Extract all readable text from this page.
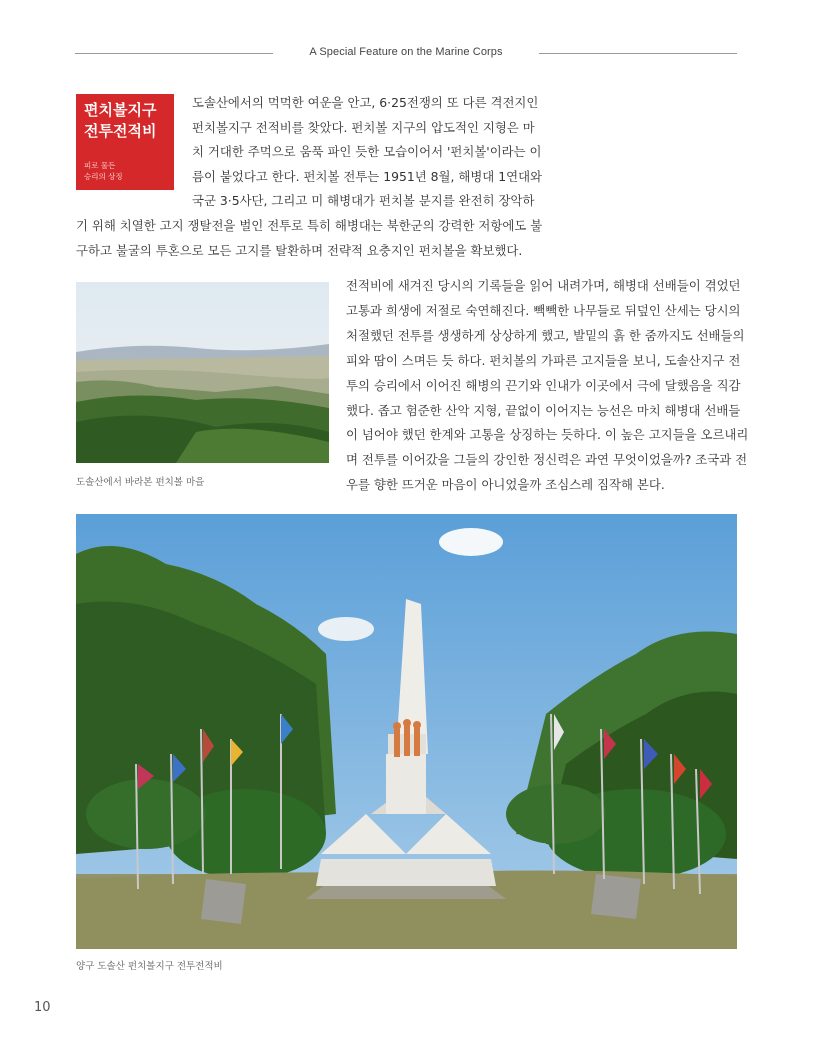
A Special Feature on the Marine Corps
편치볼지구
전투전적비
피로 물든
승리의 상징
도솔산에서의 먹먹한 여운을 안고, 6·25전쟁의 또 다른 격전지인
펀치볼지구 전적비를 찾았다. 펀치볼 지구의 압도적인 지형은 마
치 거대한 주먹으로 움푹 파인 듯한 모습이어서 '펀치볼'이라는 이
름이 붙었다고 한다. 펀치볼 전투는 1951년 8월, 해병대 1연대와
국군 3·5사단, 그리고 미 해병대가 펀치볼 분지를 완전히 장악하
기 위해 치열한 고지 쟁탈전을 벌인 전투로 특히 해병대는 북한군의 강력한 저항에도 불
구하고 불굴의 투혼으로 모든 고지를 탈환하며 전략적 요충지인 펀치볼을 확보했다.
도솔산에서 바라본 펀치볼 마을
전적비에 새겨진 당시의 기록들을 읽어 내려가며, 해병대 선배들이 겪었던
고통과 희생에 저절로 숙연해진다. 빽빽한 나무들로 뒤덮인 산세는 당시의
처절했던 전투를 생생하게 상상하게 했고, 발밑의 흙 한 줌까지도 선배들의
피와 땀이 스며든 듯 하다. 펀치볼의 가파른 고지들을 보니, 도솔산지구 전
투의 승리에서 이어진 해병의 끈기와 인내가 이곳에서 극에 달했음을 직감
했다. 좁고 험준한 산악 지형, 끝없이 이어지는 능선은 마치 해병대 선배들
이 넘어야 했던 한계와 고통을 상징하는 듯하다. 이 높은 고지들을 오르내리
며 전투를 이어갔을 그들의 강인한 정신력은 과연 무엇이었을까? 조국과 전
우를 향한 뜨거운 마음이 아니었을까 조심스레 짐작해 본다.
양구 도솔산 펀치볼지구 전투전적비
10
